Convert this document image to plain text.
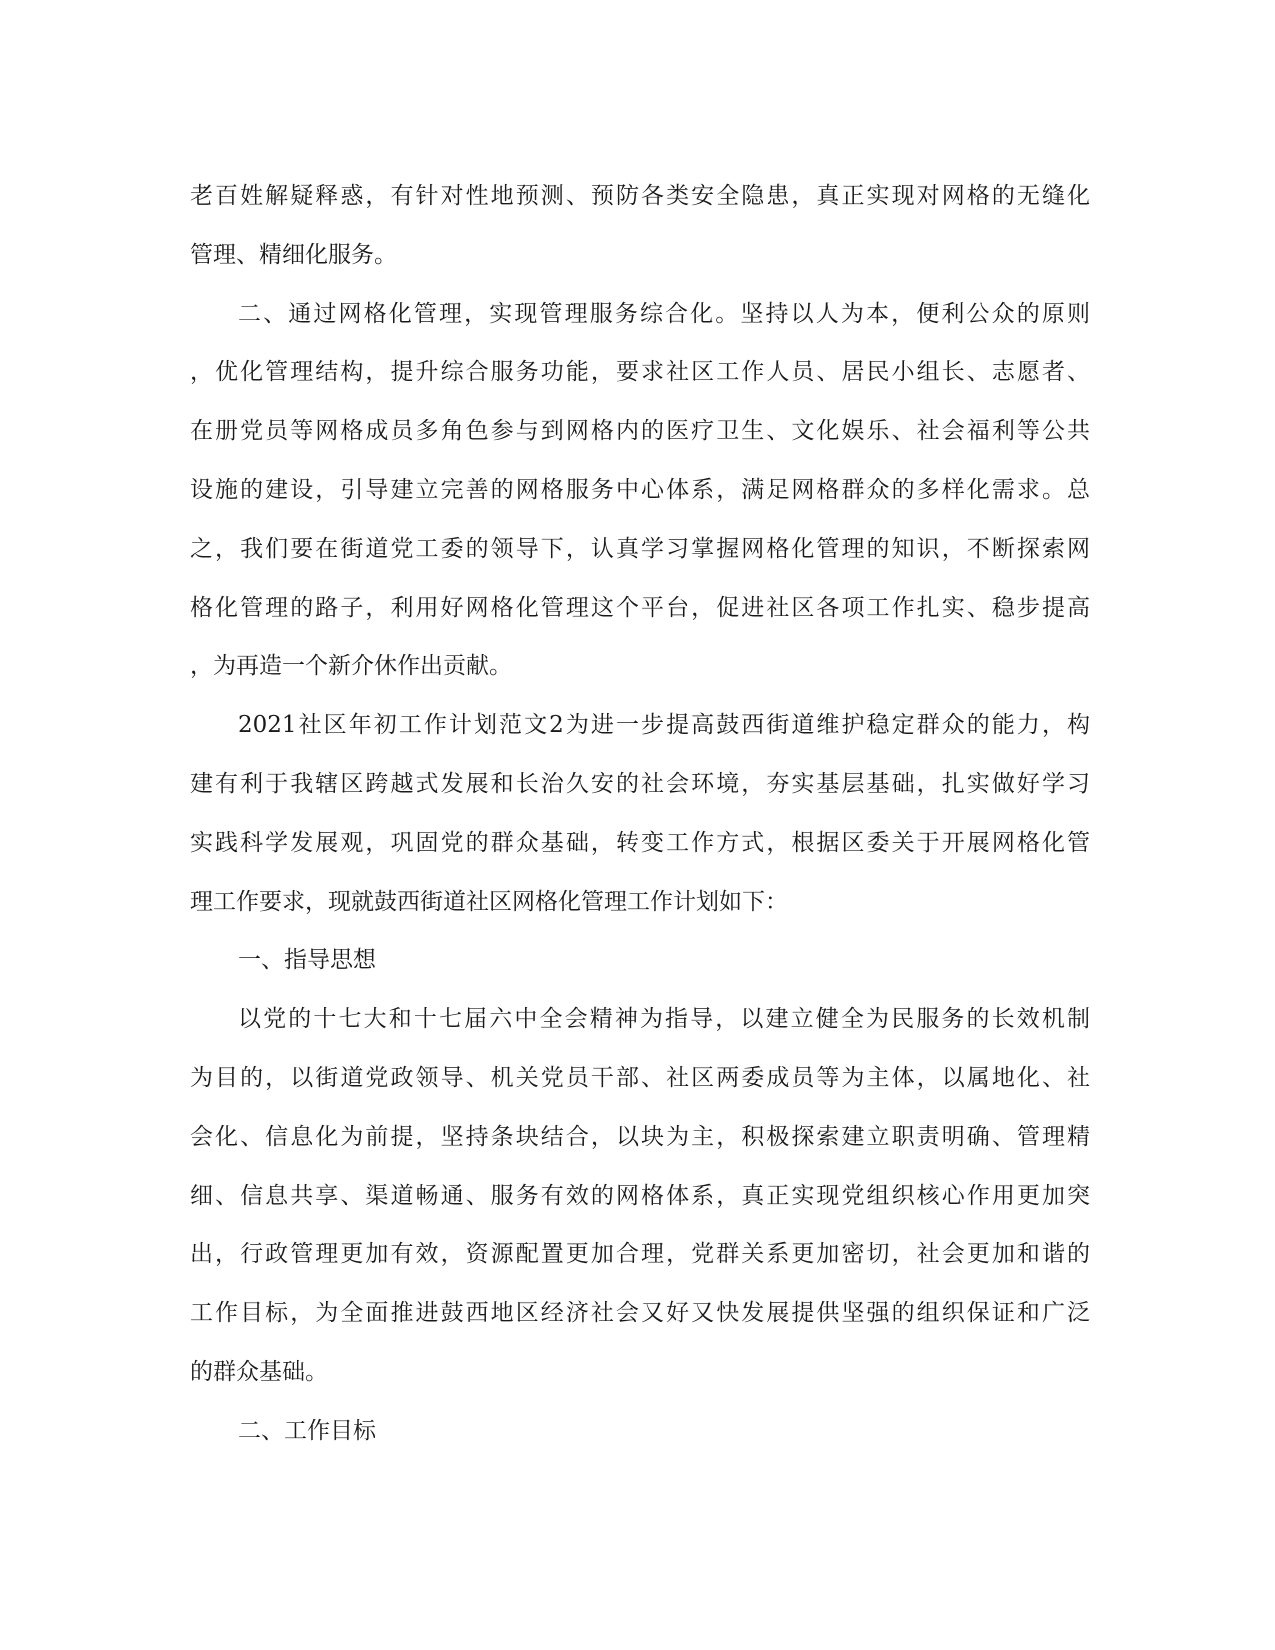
老百姓解疑释惑，有针对性地预测、预防各类安全隐患，真正实现对网格的无缝化
管理、精细化服务。
二、通过网格化管理，实现管理服务综合化。坚持以人为本，便利公众的原则
，优化管理结构，提升综合服务功能，要求社区工作人员、居民小组长、志愿者、
在册党员等网格成员多角色参与到网格内的医疗卫生、文化娱乐、社会福利等公共
设施的建设，引导建立完善的网格服务中心体系，满足网格群众的多样化需求。总
之，我们要在街道党工委的领导下，认真学习掌握网格化管理的知识，不断探索网
格化管理的路子，利用好网格化管理这个平台，促进社区各项工作扎实、稳步提高
，为再造一个新介休作出贡献。
2021社区年初工作计划范文2为进一步提高鼓西街道维护稳定群众的能力，构
建有利于我辖区跨越式发展和长治久安的社会环境，夯实基层基础，扎实做好学习
实践科学发展观，巩固党的群众基础，转变工作方式，根据区委关于开展网格化管
理工作要求，现就鼓西街道社区网格化管理工作计划如下：
一、指导思想
以党的十七大和十七届六中全会精神为指导，以建立健全为民服务的长效机制
为目的，以街道党政领导、机关党员干部、社区两委成员等为主体，以属地化、社
会化、信息化为前提，坚持条块结合，以块为主，积极探索建立职责明确、管理精
细、信息共享、渠道畅通、服务有效的网格体系，真正实现党组织核心作用更加突
出，行政管理更加有效，资源配置更加合理，党群关系更加密切，社会更加和谐的
工作目标，为全面推进鼓西地区经济社会又好又快发展提供坚强的组织保证和广泛
的群众基础。
二、工作目标
